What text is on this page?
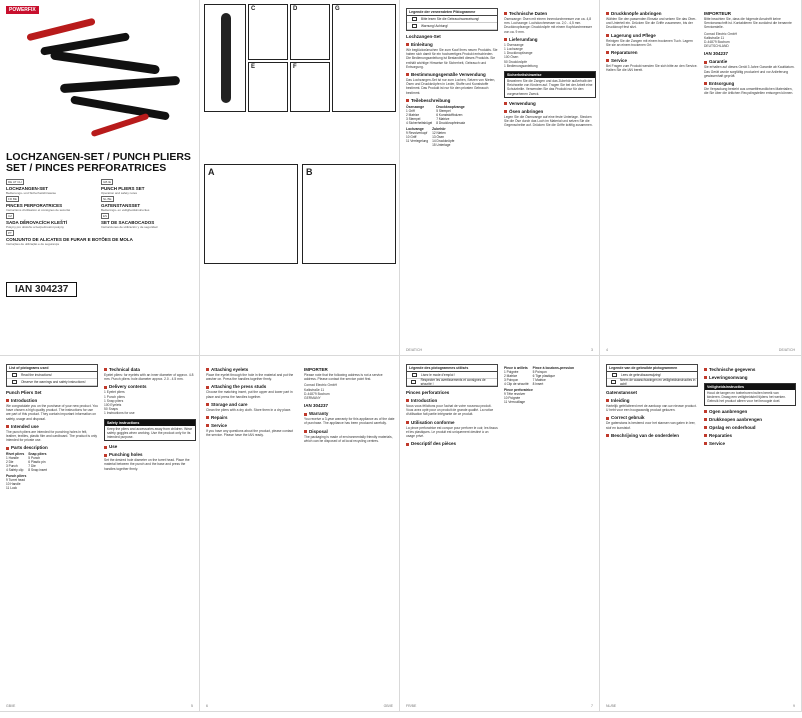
POWERFIX
LOCHZANGEN-SET / PUNCH PLIERS
SET / PINCES PERFORATRICES
DE AT CH
LOCHZANGEN-SET
Bedienungs- und Sicherheitshinweise
GB IE
PUNCH PLIERS SET
Operation and safety notes
FR BE
PINCES PERFORATRICES
Instructions d'utilisation et consignes de sécurité
NL BE
GATENSTANSSET
Bedienings- en veiligheidsinstructies
CZ
SADA DĚROVACÍCH KLEŠTÍ
Pokyny pro obsluhu a bezpečnostní pokyny
ES
SET DE SACABOCADOS
Instrucciones de utilización y de seguridad
PT
CONJUNTO DE ALICATES DE FURAR E BOTÕES DE MOLA
Instruções de utilização e de segurança
IAN 304237
C	D
E	F
G
A	B
Legende der verwendeten Piktogramme
Bitte lesen Sie die Gebrauchsanweisung!
Warnung! Achtung!
Lochzangen-Set
Einleitung
Wir beglückwünschen Sie zum Kauf Ihres neuen Produkts. Sie haben sich damit für ein hochwertiges Produkt entschieden. Die Bedienungsanleitung ist Bestandteil dieses Produkts. Sie enthält wichtige Hinweise für Sicherheit, Gebrauch und Entsorgung.
Bestimmungsgemäße Verwendung
Das Lochzangen-Set ist nur zum Lochen, Setzen von Nieten, Ösen und Druckknöpfen in Leder, Stoffe und Kunststoffe bestimmt. Das Produkt ist nur für den privaten Gebrauch bestimmt.
Teilebeschreibung
Ösenzange
1 Griff
2 Matrize
3 Stempel
4 Sicherheitsbügel
Druckknopfzange
5 Stempel
6 Kunststoffbolzen
7 Matrize
8 Druckknopfeinsatz
Lochzange
9 Revolverkopf
10 Griff
11 Verriegelung
Zubehör
12 Nieten
13 Ösen
14 Druckknöpfe
15 Unterlage
Technische Daten
Ösenzange: Ösen mit einem Innendurchmesser von ca. 4,8 mm. Lochzange: Lochdurchmesser ca. 2,0 - 4,5 mm. Druckknopfzange: Druckknöpfe mit einem Kopfdurchmesser von ca. 9 mm.
Lieferumfang
1 Ösenzange
1 Lochzange
1 Druckknopfzange
100 Ösen
50 Druckknöpfe
1 Bedienungsanleitung
Sicherheitshinweise
Bewahren Sie die Zangen und das Zubehör außerhalb der Reichweite von Kindern auf. Tragen Sie bei der Arbeit eine Schutzbrille. Verwenden Sie das Produkt nur für den vorgesehenen Zweck.
Verwendung
Ösen anbringen
Legen Sie die Ösenzange auf eine feste Unterlage. Stecken Sie die Öse durch das Loch im Material und setzen Sie die Gegenscheibe auf. Drücken Sie die Griffe kräftig zusammen.
DE/AT/CH	3
Druckknöpfe anbringen
Wählen Sie den passenden Einsatz und setzen Sie das Ober- und Unterteil ein. Drücken Sie die Griffe zusammen, bis der Druckknopf fest sitzt.
Lagerung und Pflege
Reinigen Sie die Zangen mit einem trockenen Tuch. Lagern Sie sie an einem trockenen Ort.
Reparaturen
Service
Bei Fragen zum Produkt wenden Sie sich bitte an den Service. Halten Sie die IAN bereit.
IMPORTEUR
Bitte beachten Sie, dass die folgende Anschrift keine Serviceanschrift ist. Kontaktieren Sie zunächst die benannte Servicestelle.
Conrad Electric GmbH
Kalkstraße 11
D-44879 Bochum
DEUTSCHLAND
IAN 304237
Garantie
Sie erhalten auf dieses Gerät 3 Jahre Garantie ab Kaufdatum. Das Gerät wurde sorgfältig produziert und vor Anlieferung gewissenhaft geprüft.
Entsorgung
Die Verpackung besteht aus umweltfreundlichen Materialien, die Sie über die örtlichen Recyclingstellen entsorgen können.
4	DE/AT/CH
List of pictograms used
Read the instructions!
Observe the warnings and safety instructions!
Punch Pliers Set
Introduction
We congratulate you on the purchase of your new product. You have chosen a high quality product. The instructions for use are part of this product. They contain important information on safety, usage and disposal.
Intended use
The punch pliers are intended for punching holes in felt, leather, textiles, plastic film and cardboard. The product is only intended for private use.
Parts description
Rivet pliers
1 Handle
2 Die
3 Punch
4 Safety clip
Snap pliers
5 Punch
6 Plastic pin
7 Die
8 Snap insert
Punch pliers
9 Turret head
10 Handle
11 Lock
Technical data
Eyelet pliers: for eyelets with an inner diameter of approx. 4.8 mm. Punch pliers: hole diameter approx. 2.0 - 4.5 mm.
Delivery contents
1 Eyelet pliers
1 Punch pliers
1 Snap pliers
100 Eyelets
50 Snaps
1 Instructions for use
Safety instructions
Keep the pliers and accessories away from children. Wear safety goggles when working. Use the product only for its intended purpose.
Use
Punching holes
Set the desired hole diameter on the turret head. Place the material between the punch and the base and press the handles together firmly.
GB/IE	5
Attaching eyelets
Place the eyelet through the hole in the material and put the washer on. Press the handles together firmly.
Attaching the press studs
Choose the matching insert, put the upper and lower part in place and press the handles together.
Storage and care
Clean the pliers with a dry cloth. Store them in a dry place.
Repairs
Service
If you have any questions about the product, please contact the service. Please have the IAN ready.
IMPORTER
Please note that the following address is not a service address. Please contact the service point first.
Conrad Electric GmbH
Kalkstraße 11
D-44879 Bochum
GERMANY
IAN 304237
Warranty
You receive a 3-year warranty for this appliance as of the date of purchase. The appliance has been produced carefully.
Disposal
The packaging is made of environmentally friendly materials, which can be disposed of at local recycling centres.
6	GB/IE
Légende des pictogrammes utilisés
Lisez le mode d'emploi !
Respecter les avertissements et consignes de sécurité !
Pinces perforatrices
Introduction
Nous vous félicitons pour l'achat de votre nouveau produit. Vous avez opté pour un produit de grande qualité. La notice d'utilisation fait partie intégrante de ce produit.
Utilisation conforme
La pince perforatrice est conçue pour perforer le cuir, les tissus et les plastiques. Le produit est uniquement destiné à un usage privé.
Descriptif des pièces
Pince à œillets
1 Poignée
2 Matrice
3 Poinçon
4 Clip de sécurité
Pince à boutons-pression
5 Poinçon
6 Tige plastique
7 Matrice
8 Insert
Pince perforatrice
9 Tête revolver
10 Poignée
11 Verrouillage
FR/BE	7
Legende van de gebruikte pictogrammen
Lees de gebruiksaanwijzing!
Neem de waarschuwingen en veiligheidsinstructies in acht!
Gatenstansset
Inleiding
Hartelijk gefeliciteerd met de aankoop van uw nieuwe product. U hebt voor een hoogwaardig product gekozen.
Correct gebruik
De gatenstans is bestemd voor het stansen van gaten in leer, stof en kunststof.
Beschrijving van de onderdelen
Technische gegevens
Leveringsomvang
Veiligheidsinstructies
Houd de tangen en toebehoren buiten bereik van kinderen. Draag een veiligheidsbril tijdens het werken. Gebruik het product alleen voor het beoogde doel.
Ogen aanbrengen
Drukknopen aanbrengen
Opslag en onderhoud
Reparaties
Service
NL/BE	9
